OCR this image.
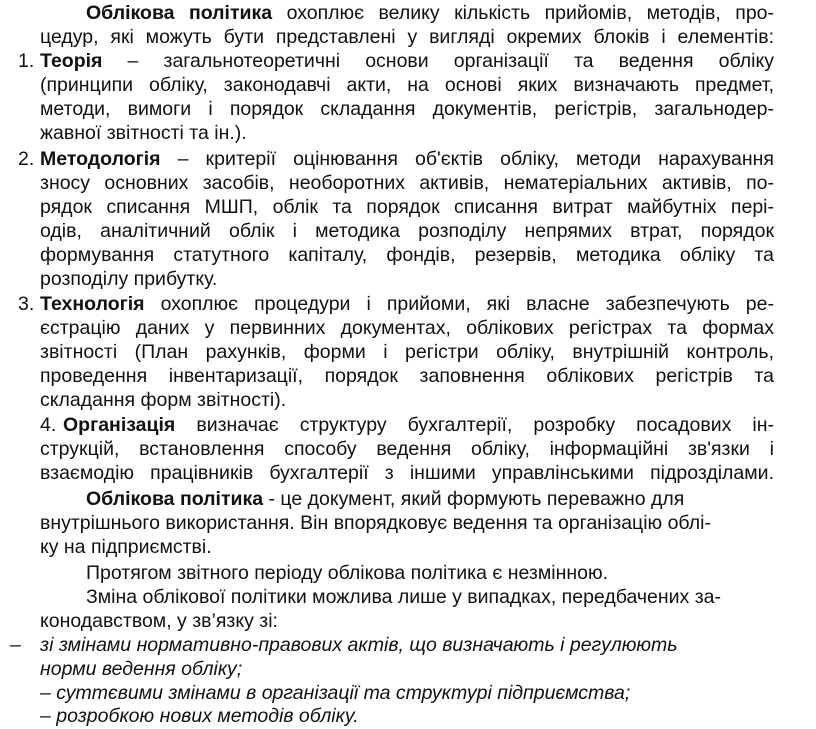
Облікова політика охоплює велику кількість прийомів, методів, про-
цедур, які можуть бути представлені у вигляді окремих блоків і елементів:
1. Теорія – загальнотеоретичні основи організації та ведення обліку
(принципи обліку, законодавчі акти, на основі яких визначають предмет,
методи, вимоги і порядок складання документів, регістрів, загальнодер-
жавної звітності та ін.).
2. Методологія – критерії оцінювання об'єктів обліку, методи нарахування
зносу основних засобів, необоротних активів, нематеріальних активів, по-
рядок списання МШП, облік та порядок списання витрат майбутніх пері-
одів, аналітичний облік і методика розподілу непрямих втрат, порядок
формування статутного капіталу, фондів, резервів, методика обліку та
розподілу прибутку.
3. Технологія охоплює процедури і прийоми, які власне забезпечують ре-
єстрацію даних у первинних документах, облікових регістрах та формах
звітності (План рахунків, форми і регістри обліку, внутрішній контроль,
проведення інвентаризації, порядок заповнення облікових регістрів та
складання форм звітності).
4. Організація визначає структуру бухгалтерії, розробку посадових ін-
струкцій, встановлення способу ведення обліку, інформаційні зв'язки і
взаємодію працівників бухгалтерії з іншими управлінськими підрозділами.
Облікова політика - це документ, який формують переважно для
внутрішнього використання. Він впорядковує ведення та організацію облі-
ку на підприємстві.
Протягом звітного періоду облікова політика є незмінною.
Зміна облікової політики можлива лише у випадках, передбачених за-
конодавством, у зв’язку зі:
– зі змінами нормативно-правових актів, що визначають і регулюють
норми ведення обліку;
– суттєвими змінами в організації та структурі підприємства;
– розробкою нових методів обліку.
